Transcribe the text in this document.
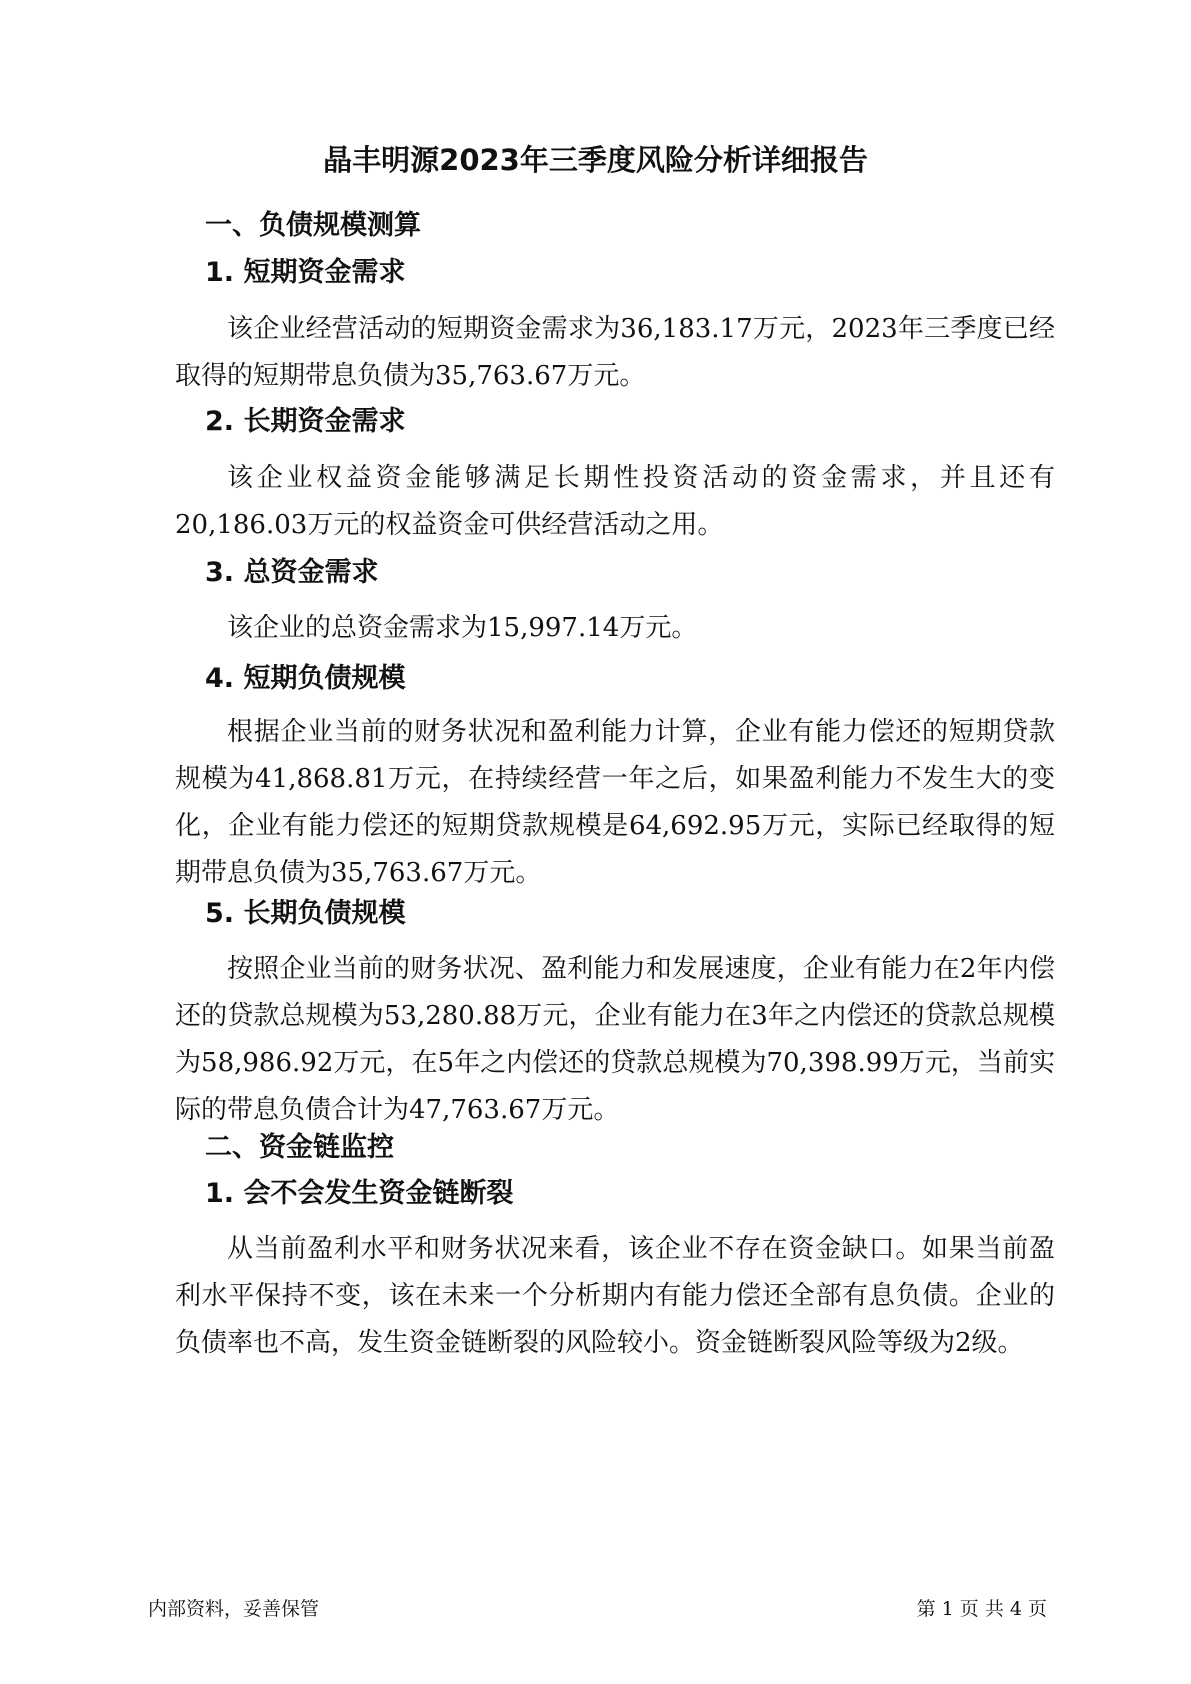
晶丰明源2023年三季度风险分析详细报告
一、负债规模测算
1. 短期资金需求

该企业经营活动的短期资金需求为36,183.17万元，2023年三季度已经取得的短期带息负债为35,763.67万元。

2. 长期资金需求

该企业权益资金能够满足长期性投资活动的资金需求，并且还有20,186.03万元的权益资金可供经营活动之用。

3. 总资金需求

该企业的总资金需求为15,997.14万元。

4. 短期负债规模

根据企业当前的财务状况和盈利能力计算，企业有能力偿还的短期贷款规模为41,868.81万元，在持续经营一年之后，如果盈利能力不发生大的变化，企业有能力偿还的短期贷款规模是64,692.95万元，实际已经取得的短期带息负债为35,763.67万元。

5. 长期负债规模

按照企业当前的财务状况、盈利能力和发展速度，企业有能力在2年内偿还的贷款总规模为53,280.88万元，企业有能力在3年之内偿还的贷款总规模为58,986.92万元，在5年之内偿还的贷款总规模为70,398.99万元，当前实际的带息负债合计为47,763.67万元。

二、资金链监控
1. 会不会发生资金链断裂

从当前盈利水平和财务状况来看，该企业不存在资金缺口。如果当前盈利水平保持不变，该在未来一个分析期内有能力偿还全部有息负债。企业的负债率也不高，发生资金链断裂的风险较小。资金链断裂风险等级为2级。

内部资料，妥善保管	第 1 页 共 4 页
